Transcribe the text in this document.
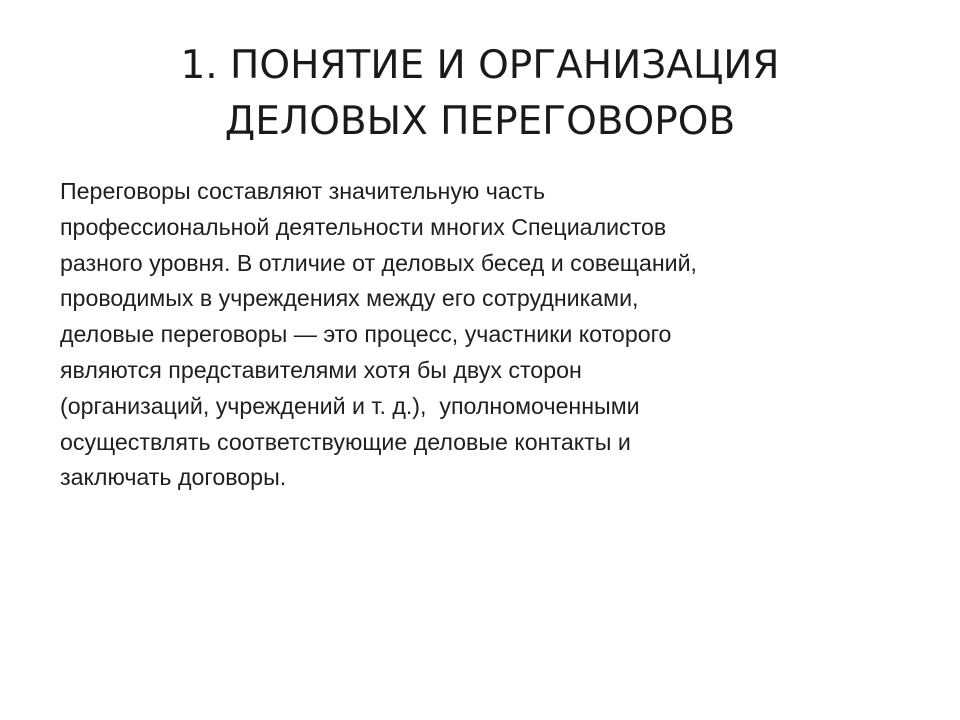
1. ПОНЯТИЕ И ОРГАНИЗАЦИЯ
ДЕЛОВЫХ ПЕРЕГОВОРОВ
Переговоры составляют значительную часть
профессиональной деятельности многих Специалистов
разного уровня. В отличие от деловых бесед и совещаний,
проводимых в учреждениях между его сотрудниками,
деловые переговоры — это процесс, участники которого
являются представителями хотя бы двух сторон
(организаций, учреждений и т. д.),  уполномоченными
осуществлять соответствующие деловые контакты и
заключать договоры.
